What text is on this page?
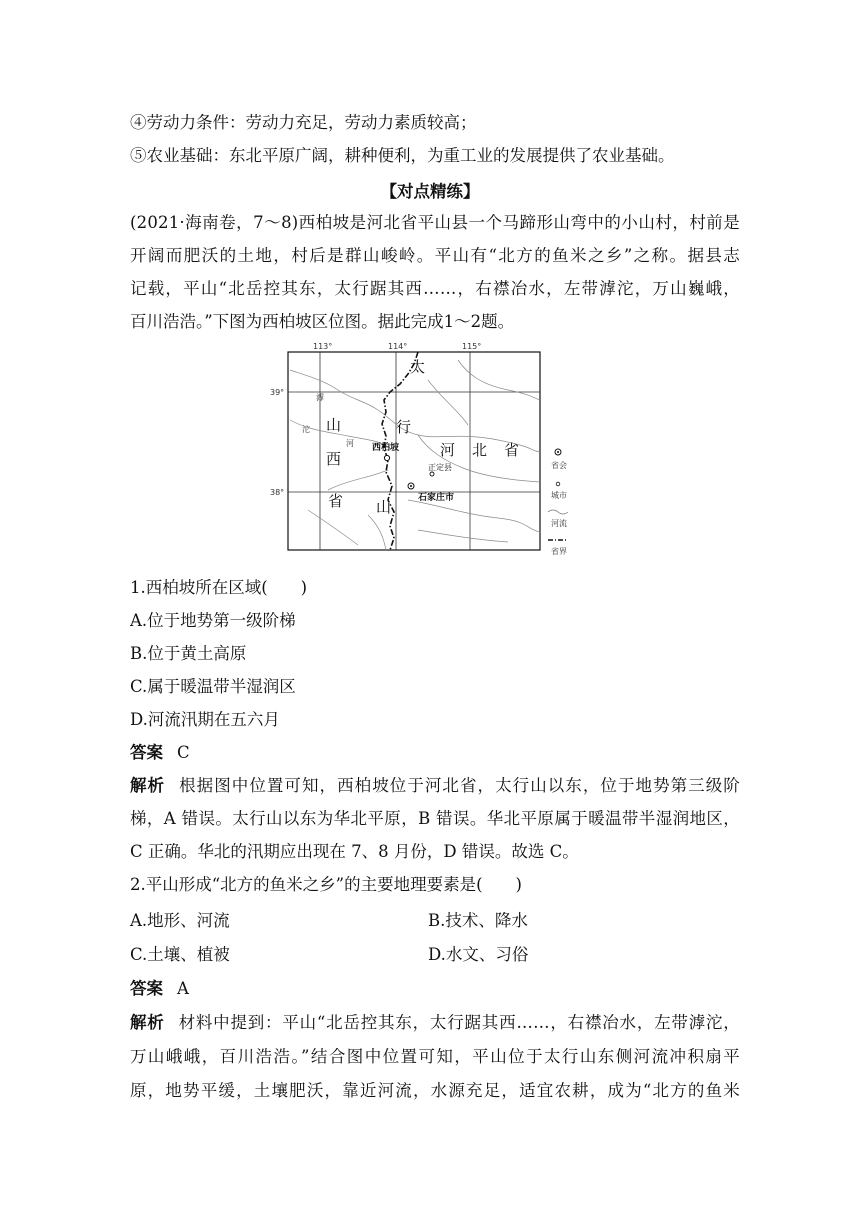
④劳动力条件：劳动力充足，劳动力素质较高；
⑤农业基础：东北平原广阔，耕种便利，为重工业的发展提供了农业基础。
【对点精练】
(2021·海南卷，7～8)西柏坡是河北省平山县一个马蹄形山弯中的小山村，村前是
开阔而肥沃的土地，村后是群山峻岭。平山有“北方的鱼米之乡”之称。据县志
记载，平山“北岳控其东，太行踞其西……，右襟冶水，左带滹沱，万山巍峨，
百川浩浩。”下图为西柏坡区位图。据此完成1～2题。
113°	114°	115°
39°
38°
太
行
山
山
西
省
河 北 省
滹
沱
河 西柏坡
正定县
石家庄市
省会
城市
河流
省界
1.西柏坡所在区域(　　)
A.位于地势第一级阶梯
B.位于黄土高原
C.属于暖温带半湿润区
D.河流汛期在五六月
答案 C
解析 根据图中位置可知，西柏坡位于河北省，太行山以东，位于地势第三级阶
梯，A 错误。太行山以东为华北平原，B 错误。华北平原属于暖温带半湿润地区，
C 正确。华北的汛期应出现在 7、8 月份，D 错误。故选 C。
2.平山形成“北方的鱼米之乡”的主要地理要素是(　　)
A.地形、河流	B.技术、降水
C.土壤、植被	D.水文、习俗
答案 A
解析 材料中提到：平山“北岳控其东，太行踞其西……，右襟冶水，左带滹沱，
万山峨峨，百川浩浩。”结合图中位置可知，平山位于太行山东侧河流冲积扇平
原，地势平缓，土壤肥沃，靠近河流，水源充足，适宜农耕，成为“北方的鱼米
